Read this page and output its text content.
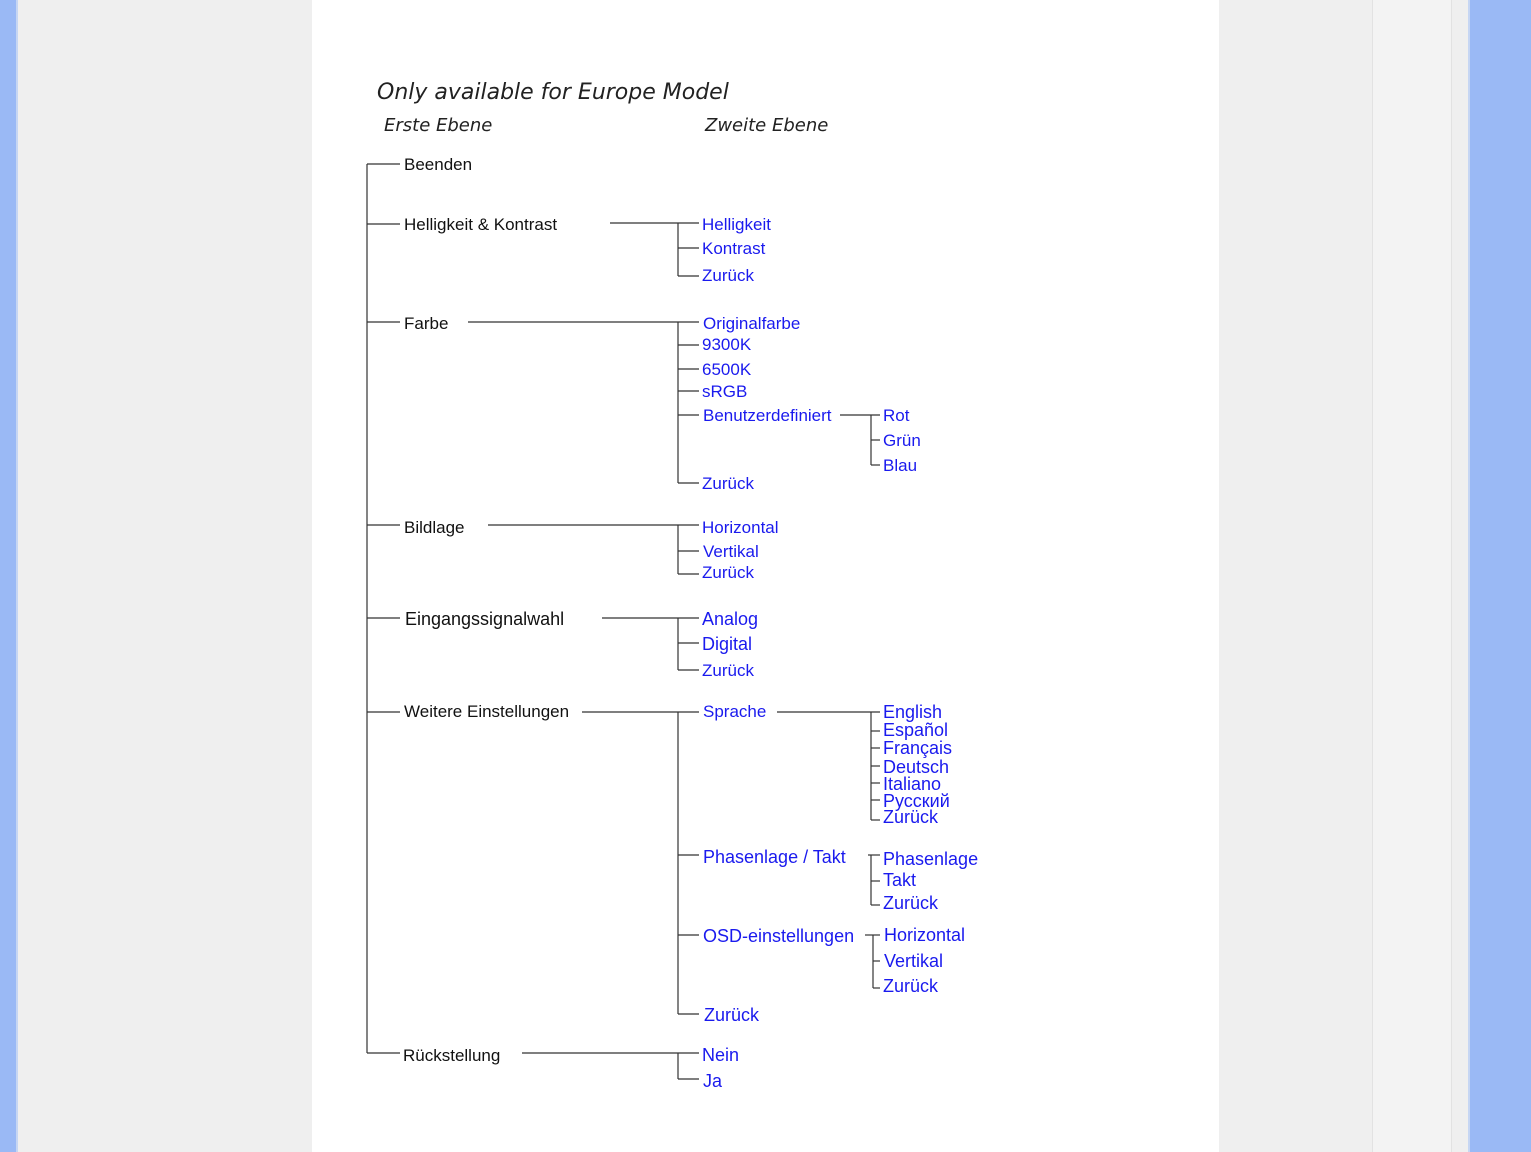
Only available for Europe Model
Erste Ebene	Zweite Ebene
Beenden
Helligkeit & Kontrast
Farbe
Bildlage
Eingangssignalwahl
Weitere Einstellungen
Rückstellung
Helligkeit
Kontrast
Zurück
Originalfarbe
9300K
6500K
sRGB
Benutzerdefiniert
Zurück
Rot
Grün
Blau
Horizontal
Vertikal
Zurück
Analog
Digital
Zurück
Sprache
Phasenlage / Takt
OSD-einstellungen
Zurück
English
Español
Français
Deutsch
Italiano
Русский
Zurück
Phasenlage
Takt
Zurück
Horizontal
Vertikal
Zurück
Nein
Ja
